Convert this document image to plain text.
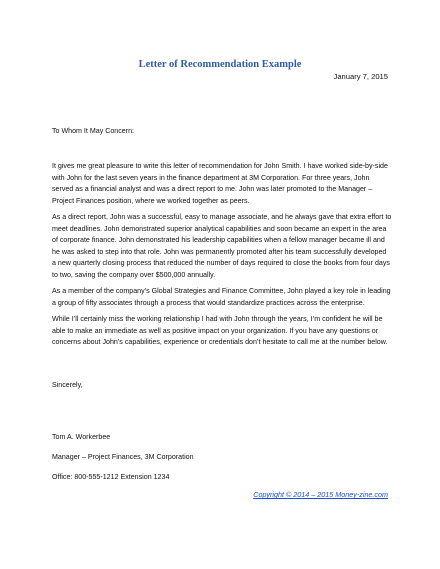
Letter of Recommendation Example
January 7, 2015
To Whom It May Concern:

It gives me great pleasure to write this letter of recommendation for John Smith. I have worked side-by-side with John for the last seven years in the finance department at 3M Corporation. For three years, John served as a financial analyst and was a direct report to me. John was later promoted to the Manager – Project Finances position, where we worked together as peers.

As a direct report, John was a successful, easy to manage associate, and he always gave that extra effort to meet deadlines. John demonstrated superior analytical capabilities and soon became an expert in the area of corporate finance. John demonstrated his leadership capabilities when a fellow manager became ill and he was asked to step into that role. John was permanently promoted after his team successfully developed a new quarterly closing process that reduced the number of days required to close the books from four days to two, saving the company over $500,000 annually.

As a member of the company’s Global Strategies and Finance Committee, John played a key role in leading a group of fifty associates through a process that would standardize practices across the enterprise.

While I’ll certainly miss the working relationship I had with John through the years, I’m confident he will be able to make an immediate as well as positive impact on your organization. If you have any questions or concerns about John’s capabilities, experience or credentials don’t hesitate to call me at the number below.

Sincerely,
Tom A. Workerbee
Manager – Project Finances, 3M Corporation
Office: 800-555-1212 Extension 1234
Copyright © 2014 – 2015 Money-zine.com
